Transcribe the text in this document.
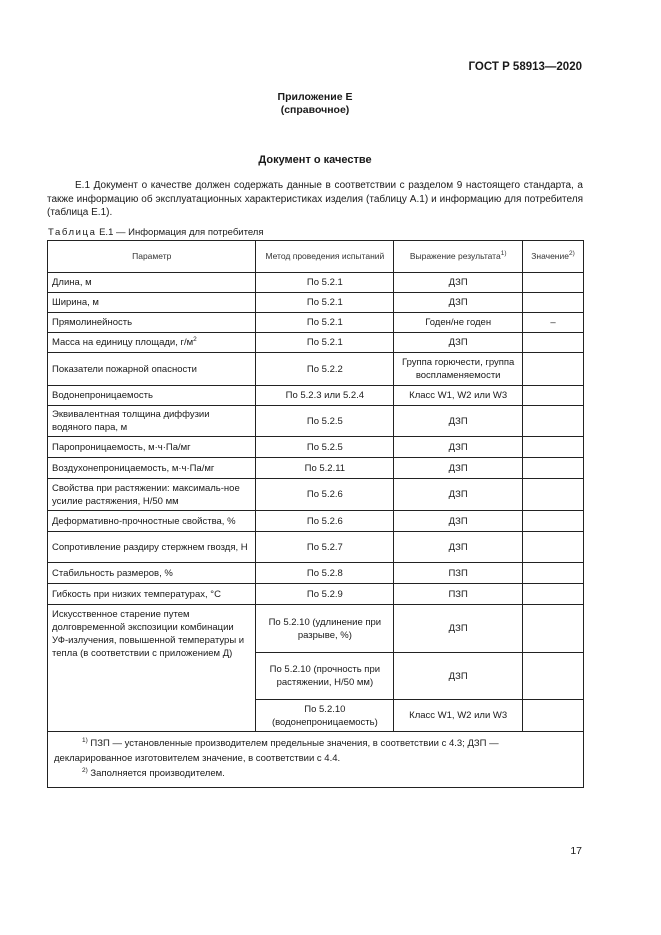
ГОСТ Р 58913—2020
Приложение Е
(справочное)
Документ о качестве
Е.1 Документ о качестве должен содержать данные в соответствии с разделом 9 настоящего стандарта, а также информацию об эксплуатационных характеристиках изделия (таблицу А.1) и информацию для потребителя (таблица Е.1).
Таблица Е.1 — Информация для потребителя
Параметр	Метод проведения испытаний	Выражение результата$^{1)}$	Значение$^{2)}$
Длина, м	По 5.2.1	ДЗП	
Ширина, м	По 5.2.1	ДЗП	
Прямолинейность	По 5.2.1	Годен/не годен	–
Масса на единицу площади, $г/м^2$	По 5.2.1	ДЗП	
Показатели пожарной опасности	По 5.2.2	Группа горючести, группа воспламеняемости	
Водонепроницаемость	По 5.2.3 или 5.2.4	Класс W1, W2 или W3	
Эквивалентная толщина диффузии водяного пара, м	По 5.2.5	ДЗП	
Паропроницаемость, м·ч·Па/мг	По 5.2.5	ДЗП	
Воздухонепроницаемость, м·ч·Па/мг	По 5.2.11	ДЗП	
Свойства при растяжении: максималь-ное усилие растяжения, Н/50 мм	По 5.2.6	ДЗП	
Деформативно-прочностные свойства, %	По 5.2.6	ДЗП	
Сопротивление раздиру стержнем гвоздя, Н	По 5.2.7	ДЗП	
Стабильность размеров, %	По 5.2.8	ПЗП	
Гибкость при низких температурах, °С	По 5.2.9	ПЗП	
Искусственное старение путем долговременной экспозиции комбинации УФ-излучения, повышенной температуры и тепла (в соответствии с приложением Д)	По 5.2.10 (удлинение при разрыве, %)	ДЗП	
	По 5.2.10 (прочность при растяжении, Н/50 мм)	ДЗП	
	По 5.2.10 (водонепроницаемость)	Класс W1, W2 или W3	

$^{1)}$ ПЗП — установленные производителем предельные значения, в соответствии с 4.3; ДЗП — декларированное изготовителем значение, в соответствии с 4.4.
$^{2)}$ Заполняется производителем.			
17
